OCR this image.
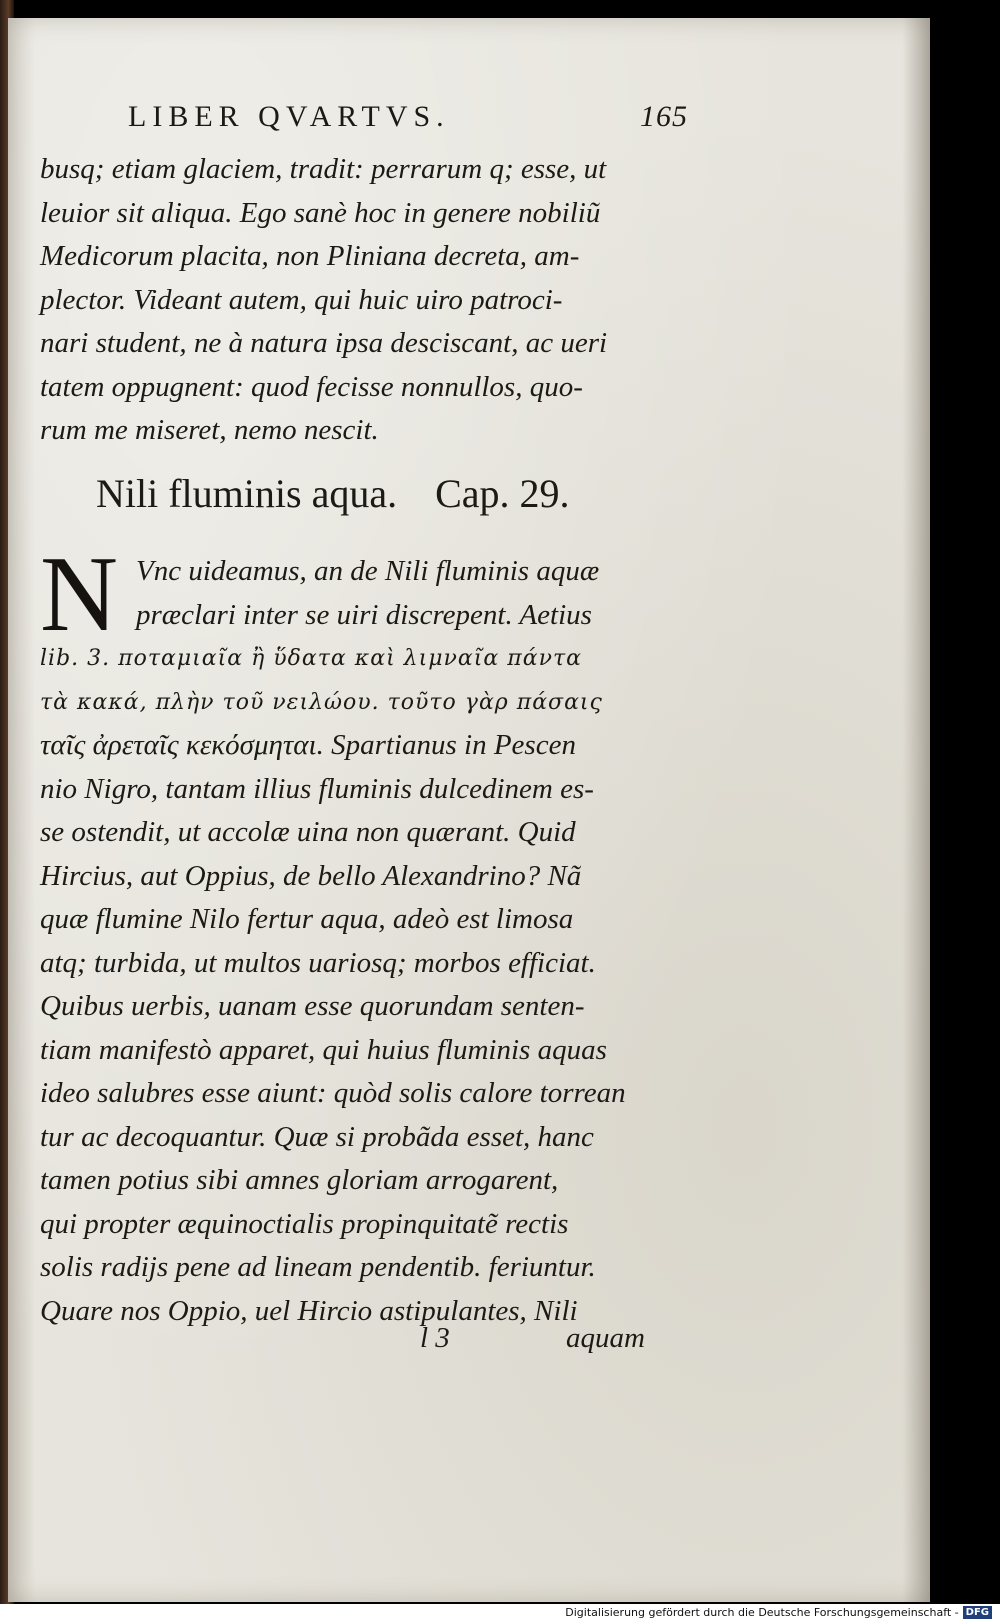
LIBER QVARTVS.	165
busq; etiam glaciem, tradit: perrarum q; esse, ut
leuior sit aliqua. Ego sanè hoc in genere nobiliũ
Medicorum placita, non Pliniana decreta, am-
plector. Videant autem, qui huic uiro patroci-
nari student, ne à natura ipsa desciscant, ac ueri
tatem oppugnent: quod fecisse nonnullos, quo-
rum me miseret, nemo nescit.
Nili fluminis aqua. Cap. 29.
N Vnc uideamus, an de Nili fluminis aquæ
præclari inter se uiri discrepent. Aetius
lib. 3. ποταμιαῖα ἢ ὕδατα καὶ λιμναῖα πάντα
τὰ κακά, πλὴν τοῦ νειλώου. τοῦτο γὰρ πάσαις
ταῖς ἀρεταῖς κεκόσμηται. Spartianus in Pescen
nio Nigro, tantam illius fluminis dulcedinem es-
se ostendit, ut accolæ uina non quærant. Quid
Hircius, aut Oppius, de bello Alexandrino? Nã
quæ flumine Nilo fertur aqua, adeò est limosa
atq; turbida, ut multos uariosq; morbos efficiat.
Quibus uerbis, uanam esse quorundam senten-
tiam manifestò apparet, qui huius fluminis aquas
ideo salubres esse aiunt: quòd solis calore torrean
tur ac decoquantur. Quæ si probãda esset, hanc
tamen potius sibi amnes gloriam arrogarent,
qui propter æquinoctialis propinquitatẽ rectis
solis radijs pene ad lineam pendentib. feriuntur.
Quare nos Oppio, uel Hircio astipulantes, Nili
l 3	aquam
Digitalisierung gefördert durch die Deutsche Forschungsgemeinschaft - DFG
